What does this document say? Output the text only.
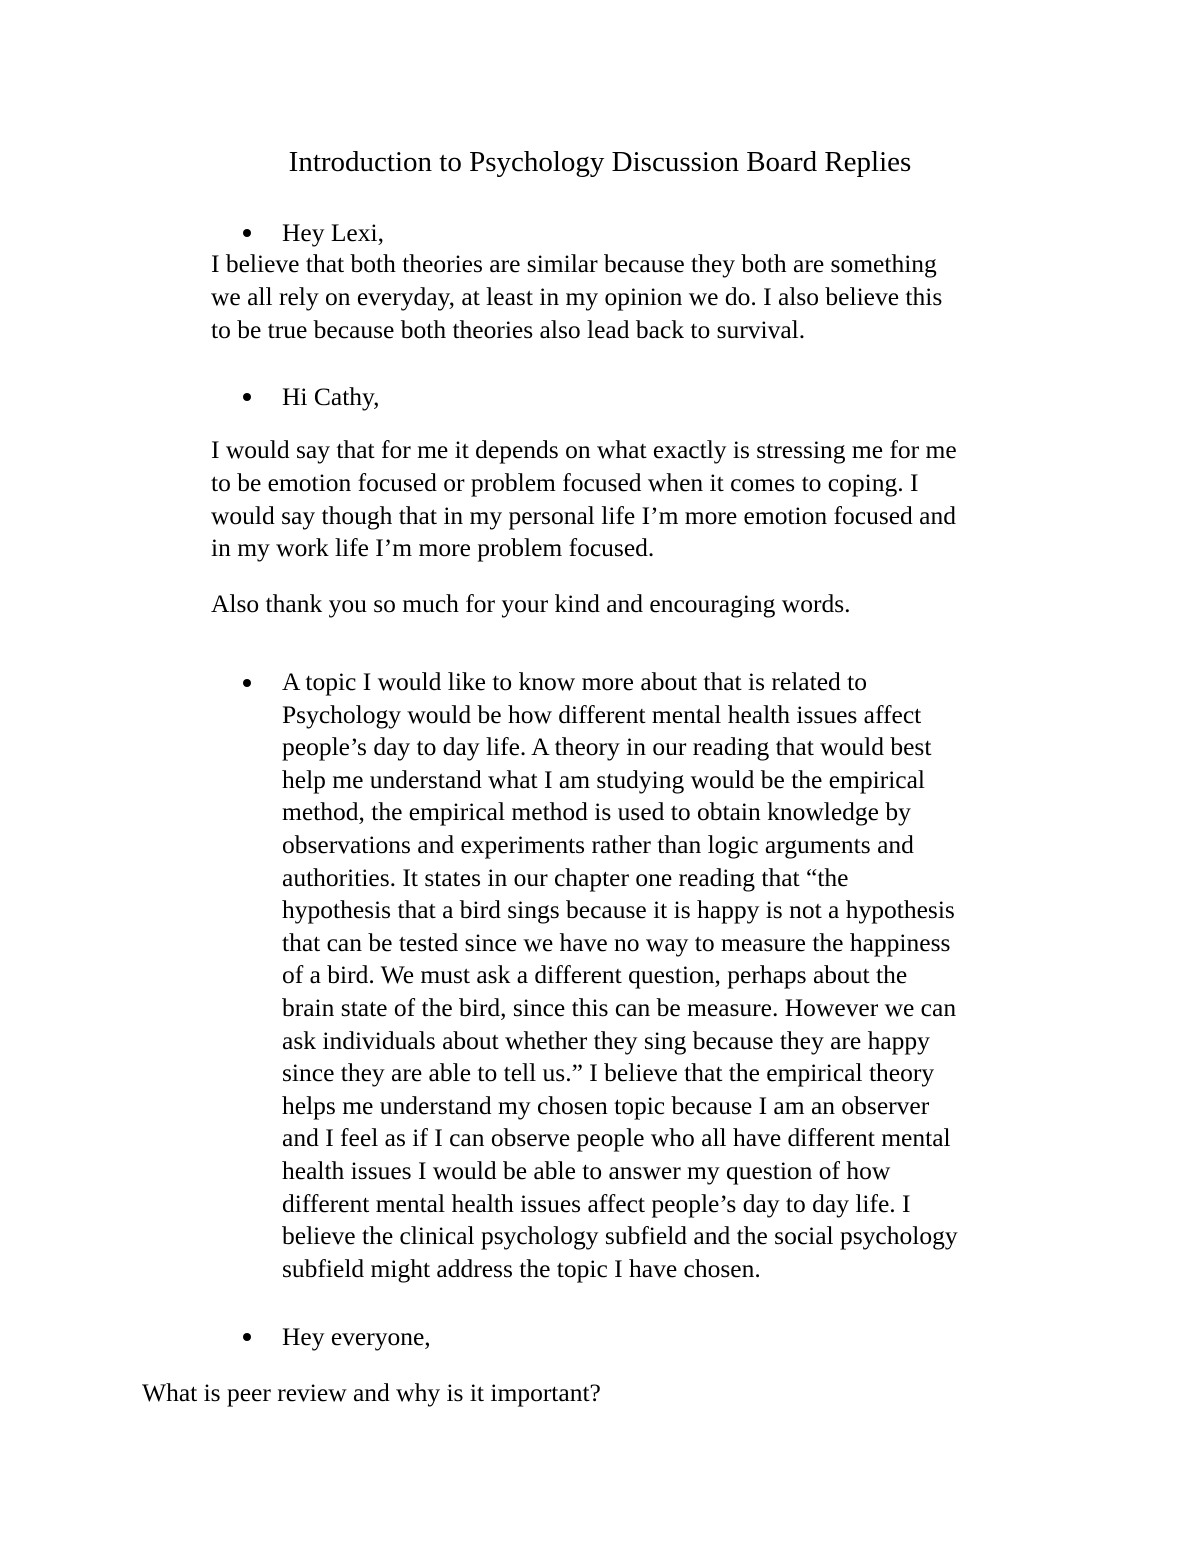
Introduction to Psychology Discussion Board Replies
Hey Lexi,
I believe that both theories are similar because they both are something
we all rely on everyday, at least in my opinion we do. I also believe this
to be true because both theories also lead back to survival.
Hi Cathy,
I would say that for me it depends on what exactly is stressing me for me
to be emotion focused or problem focused when it comes to coping. I
would say though that in my personal life I’m more emotion focused and
in my work life I’m more problem focused.
Also thank you so much for your kind and encouraging words.
A topic I would like to know more about that is related to
Psychology would be how different mental health issues affect
people’s day to day life. A theory in our reading that would best
help me understand what I am studying would be the empirical
method, the empirical method is used to obtain knowledge by
observations and experiments rather than logic arguments and
authorities. It states in our chapter one reading that “the
hypothesis that a bird sings because it is happy is not a hypothesis
that can be tested since we have no way to measure the happiness
of a bird. We must ask a different question, perhaps about the
brain state of the bird, since this can be measure. However we can
ask individuals about whether they sing because they are happy
since they are able to tell us.” I believe that the empirical theory
helps me understand my chosen topic because I am an observer
and I feel as if I can observe people who all have different mental
health issues I would be able to answer my question of how
different mental health issues affect people’s day to day life. I
believe the clinical psychology subfield and the social psychology
subfield might address the topic I have chosen.
Hey everyone,
What is peer review and why is it important?
